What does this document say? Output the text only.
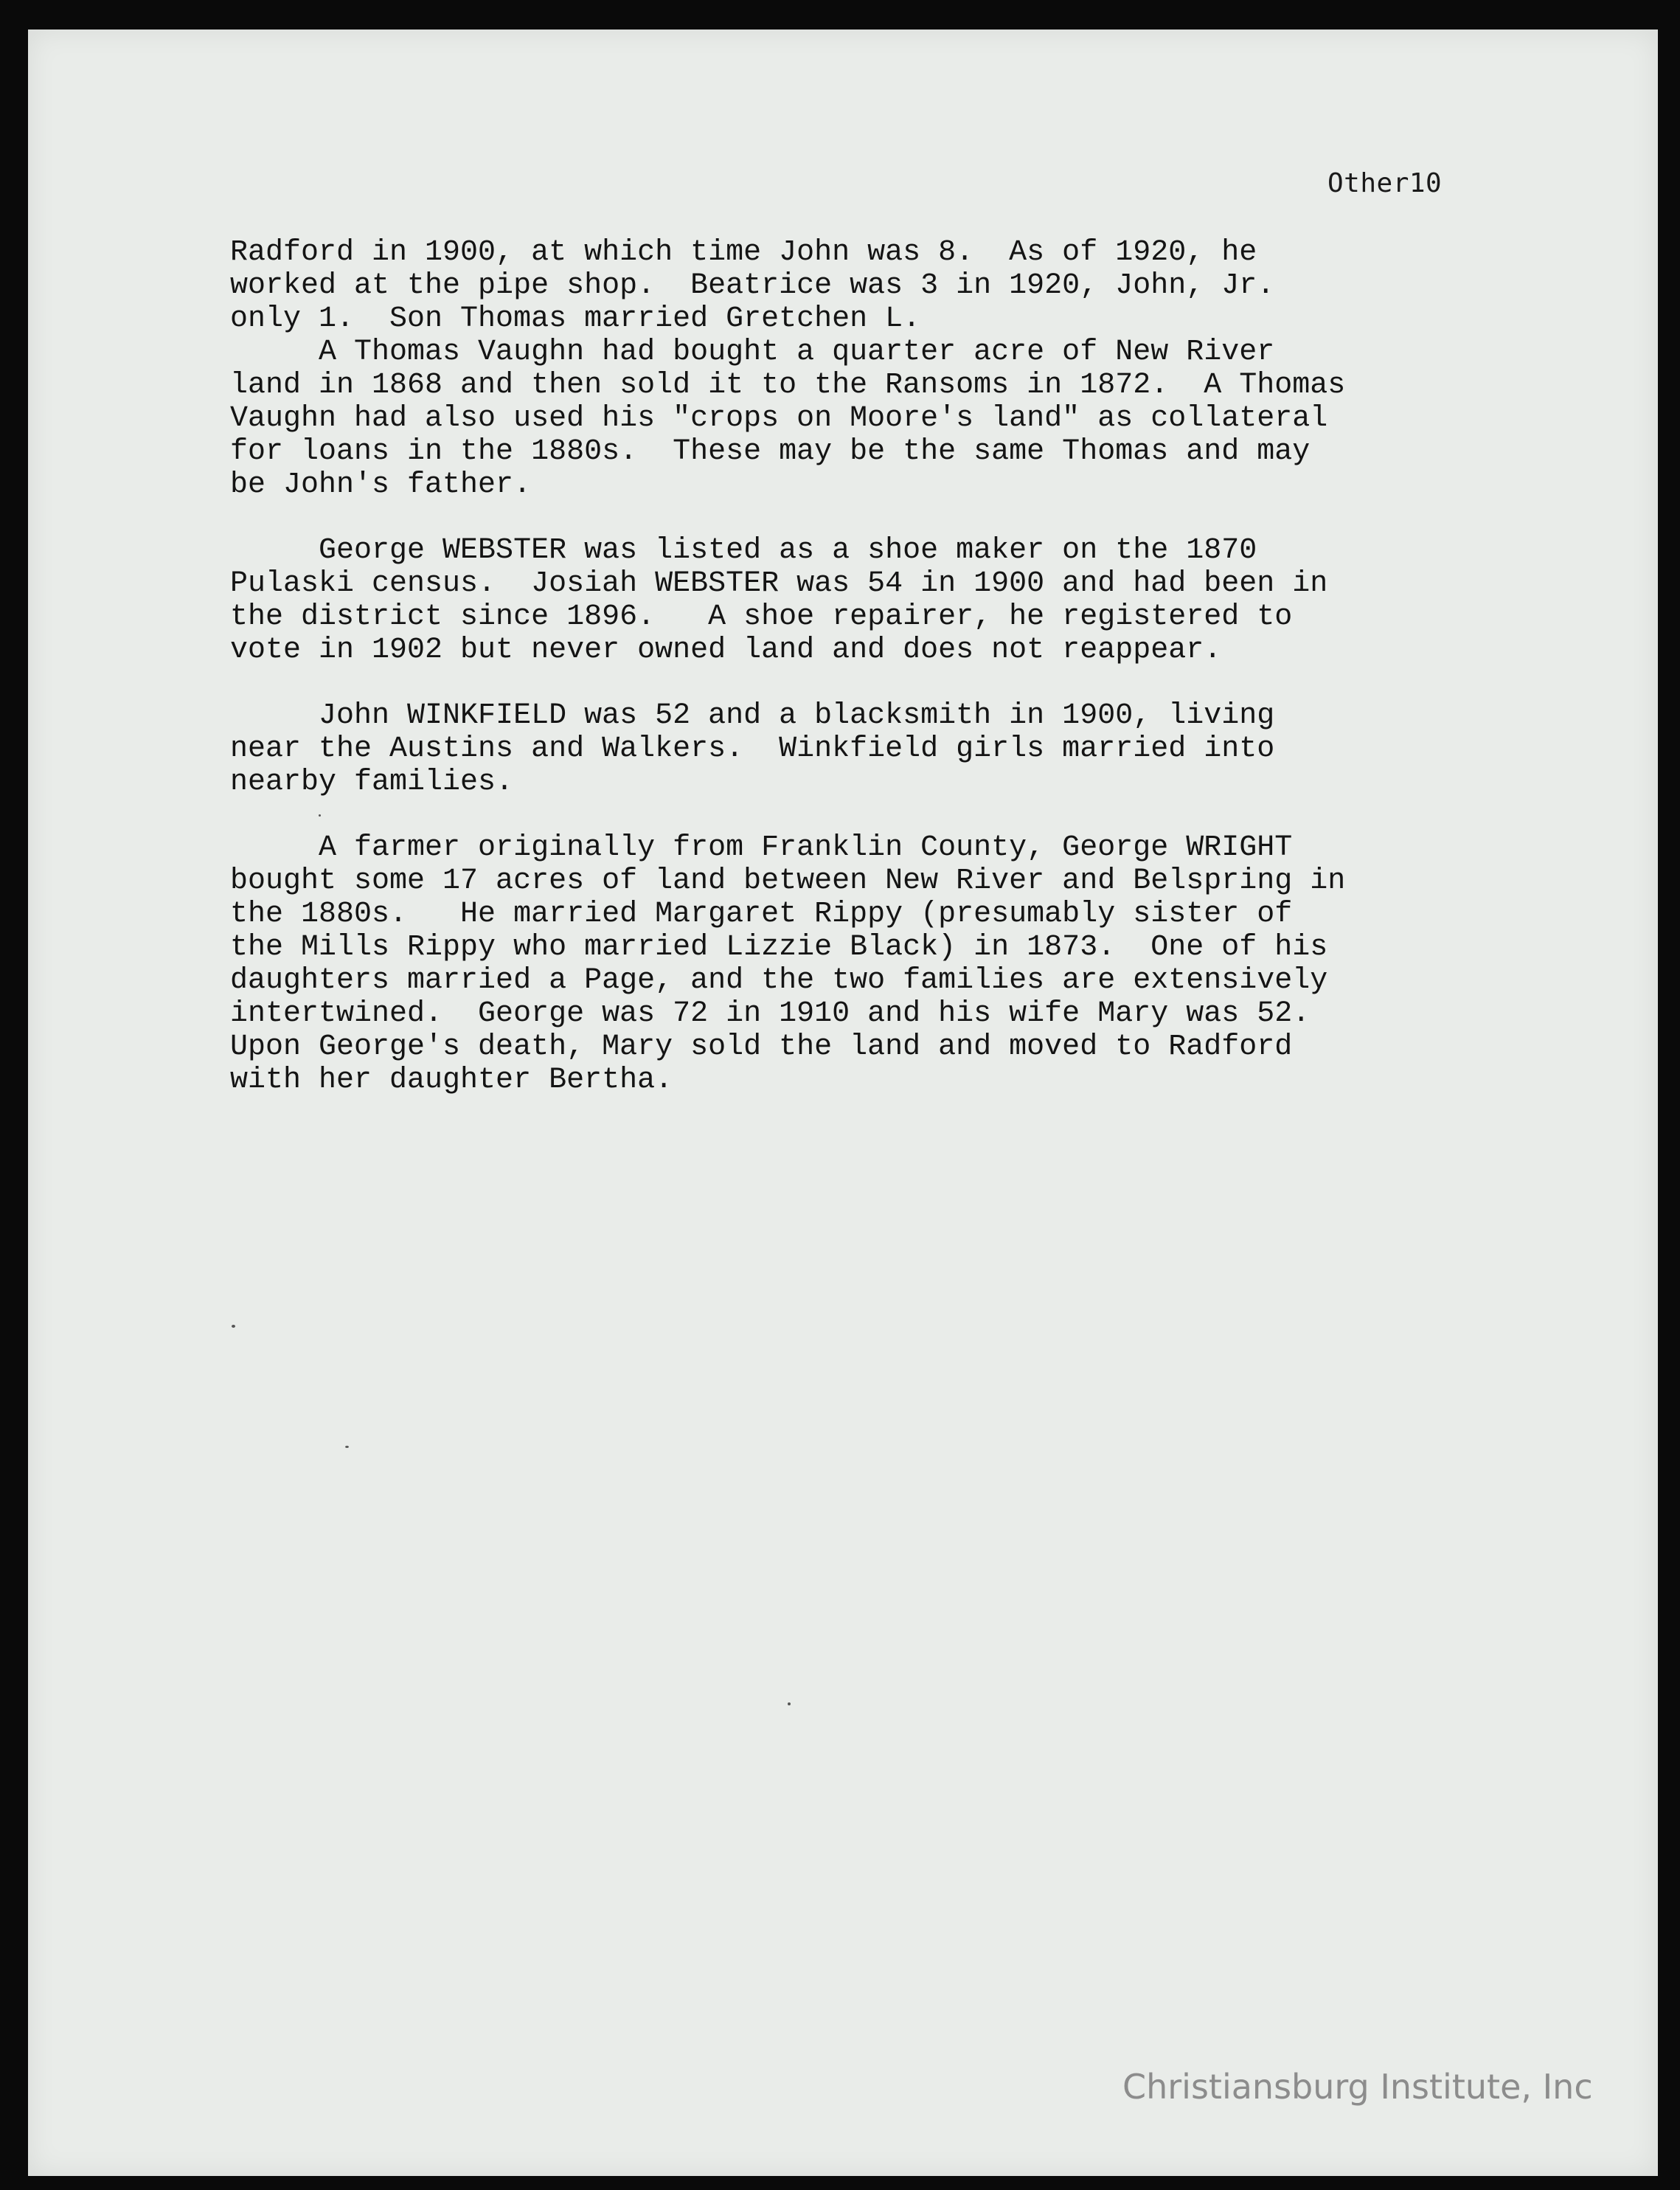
Other10
Radford in 1900, at which time John was 8.  As of 1920, he
worked at the pipe shop.  Beatrice was 3 in 1920, John, Jr.
only 1.  Son Thomas married Gretchen L.
A Thomas Vaughn had bought a quarter acre of New River
land in 1868 and then sold it to the Ransoms in 1872.  A Thomas
Vaughn had also used his "crops on Moore's land" as collateral
for loans in the 1880s.  These may be the same Thomas and may
be John's father.
George WEBSTER was listed as a shoe maker on the 1870
Pulaski census.  Josiah WEBSTER was 54 in 1900 and had been in
the district since 1896.   A shoe repairer, he registered to
vote in 1902 but never owned land and does not reappear.
John WINKFIELD was 52 and a blacksmith in 1900, living
near the Austins and Walkers.  Winkfield girls married into
nearby families.
A farmer originally from Franklin County, George WRIGHT
bought some 17 acres of land between New River and Belspring in
the 1880s.   He married Margaret Rippy (presumably sister of
the Mills Rippy who married Lizzie Black) in 1873.  One of his
daughters married a Page, and the two families are extensively
intertwined.  George was 72 in 1910 and his wife Mary was 52.
Upon George's death, Mary sold the land and moved to Radford
with her daughter Bertha.
Christiansburg Institute, Inc
